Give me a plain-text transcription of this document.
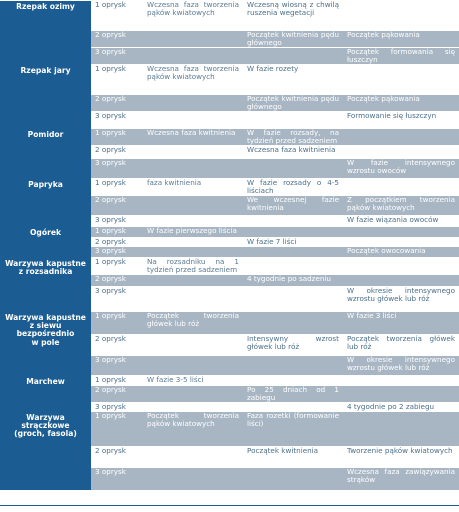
Rzepak ozimy	1 oprysk	Wczesna faza tworzenia pąków kwiatowych	Wczesną wiosną z chwilą ruszenia wegetacji	
	2 oprysk		Początek kwitnienia pędu głównego	Początek pąkowania
	3 oprysk			Początek formowania się łuszczyn

Rzepak jary	1 oprysk	Wczesna faza tworzenia pąków kwiatowych	W fazie rozety	
	2 oprysk		Początek kwitnienia pędu głównego	Początek pąkowania
	3 oprysk			Formowanie się łuszczyn

Pomidor	1 oprysk	Wczesna faza kwitnienia	W fazie rozsady, na tydzień przed sadzeniem	
	2 oprysk		Wczesna faza kwitnienia	
	3 oprysk			W fazie intensywnego wzrostu owoców

Papryka	1 oprysk	faza kwitnienia	W fazie rozsady o 4-5 liściach	
	2 oprysk		We wczesnej fazie kwitnienia	Z początkiem tworzenia pąków kwiatowych
	3 oprysk			W fazie wiązania owoców

Ogórek	1 oprysk	W fazie pierwszego liścia		
	2 oprysk		W fazie 7 liści	
	3 oprysk			Początek owocowania

Warzywa kapustne
z rozsadnika	1 oprysk	Na rozsadniku na 1 tydzień przed sadzeniem		
	2 oprysk		4 tygodnie po sadzeniu	
	3 oprysk			W okresie intensywnego wzrostu główek lub róż

Warzywa kapustne
z siewu bezpośrednio
w pole	1 oprysk	Początek tworzenia główek lub róż		W fazie 3 liści
	2 oprysk		Intensywny wzrost główek lub róż	Początek tworzenia główek lub róż
	3 oprysk			W okresie intensywnego wzrostu główek lub róż

Marchew	1 oprysk	W fazie 3-5 liści		
	2 oprysk		Po 25 dniach od 1 zabiegu	
	3 oprysk			4 tygodnie po 2 zabiegu

Warzywa strączkowe
(groch, fasola)	1 oprysk	Początek tworzenia pąków kwiatowych	Faza rozetki (formowanie liści)	
	2 oprysk		Początek kwitnienia	Tworzenie pąków kwiatowych
	3 oprysk			Wczesna faza zawiązywania strąków
